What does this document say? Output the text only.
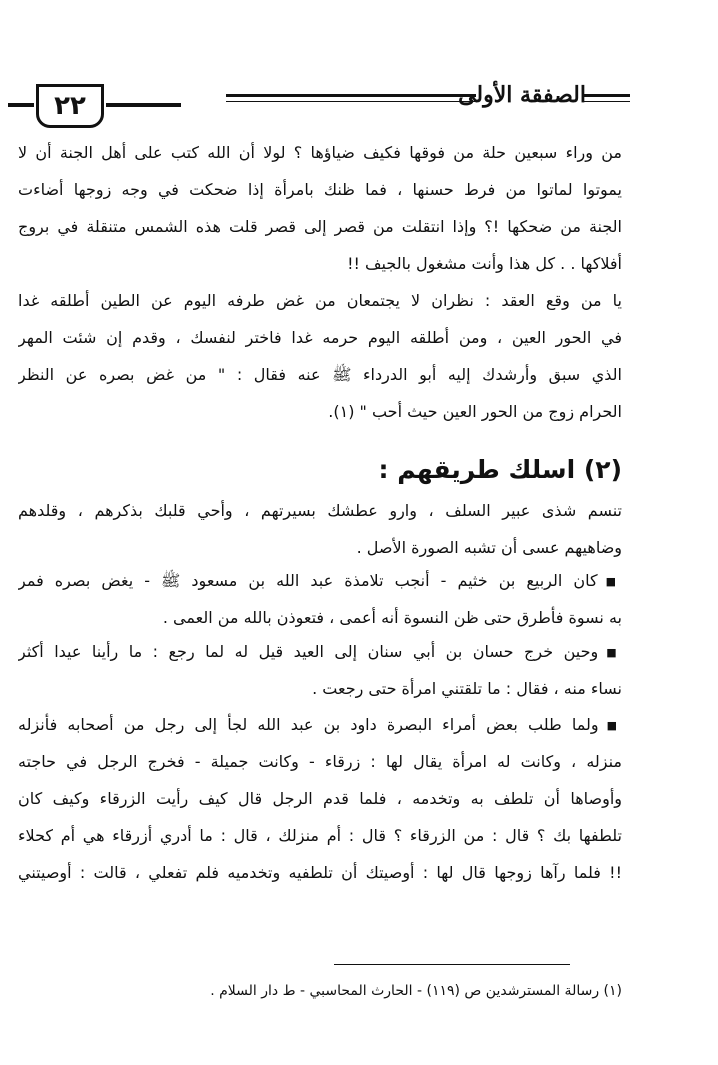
٢٢	الصفقة الأولى
من وراء سبعين حلة من فوقها فكيف ضياؤها ؟ لولا أن الله كتب على أهل الجنة أن لا
يموتوا لماتوا من فرط حسنها ، فما ظنك بامرأة إذا ضحكت في وجه زوجها أضاءت
الجنة من ضحكها !؟ وإذا انتقلت من قصر إلى قصر قلت هذه الشمس متنقلة في بروج
أفلاكها . . كل هذا وأنت مشغول بالجيف !!
يا من وقع العقد : نظران لا يجتمعان من غض طرفه اليوم عن الطين أطلقه غدا
في الحور العين ، ومن أطلقه اليوم حرمه غدا فاختر لنفسك ، وقدم إن شئت المهر
الذي سبق وأرشدك إليه أبو الدرداء ﷺ عنه فقال : " من غض بصره عن النظر
الحرام زوج من الحور العين حيث أحب " (١).
(٢) اسلك طريقهم :
تنسم شذى عبير السلف ، وارو عطشك بسيرتهم ، وأحي قلبك بذكرهم ، وقلدهم
وضاهيهم عسى أن تشبه الصورة الأصل .
■كان الربيع بن خثيم - أنجب تلامذة عبد الله بن مسعود ﷺ - يغض بصره فمر
به نسوة فأطرق حتى ظن النسوة أنه أعمى ، فتعوذن بالله من العمى .
■وحين خرج حسان بن أبي سنان إلى العيد قيل له لما رجع : ما رأينا عيدا أكثر
نساء منه ، فقال : ما تلقتني امرأة حتى رجعت .
■ولما طلب بعض أمراء البصرة داود بن عبد الله لجأ إلى رجل من أصحابه فأنزله
منزله ، وكانت له امرأة يقال لها : زرقاء - وكانت جميلة - فخرج الرجل في حاجته
وأوصاها أن تلطف به وتخدمه ، فلما قدم الرجل قال كيف رأيت الزرقاء وكيف كان
تلطفها بك ؟ قال : من الزرقاء ؟ قال : أم منزلك ، قال : ما أدري أزرقاء هي أم كحلاء
!! فلما رآها زوجها قال لها : أوصيتك أن تلطفيه وتخدميه فلم تفعلي ، قالت : أوصيتني
(١) رسالة المسترشدين ص (١١٩) - الحارث المحاسبي - ط دار السلام .
